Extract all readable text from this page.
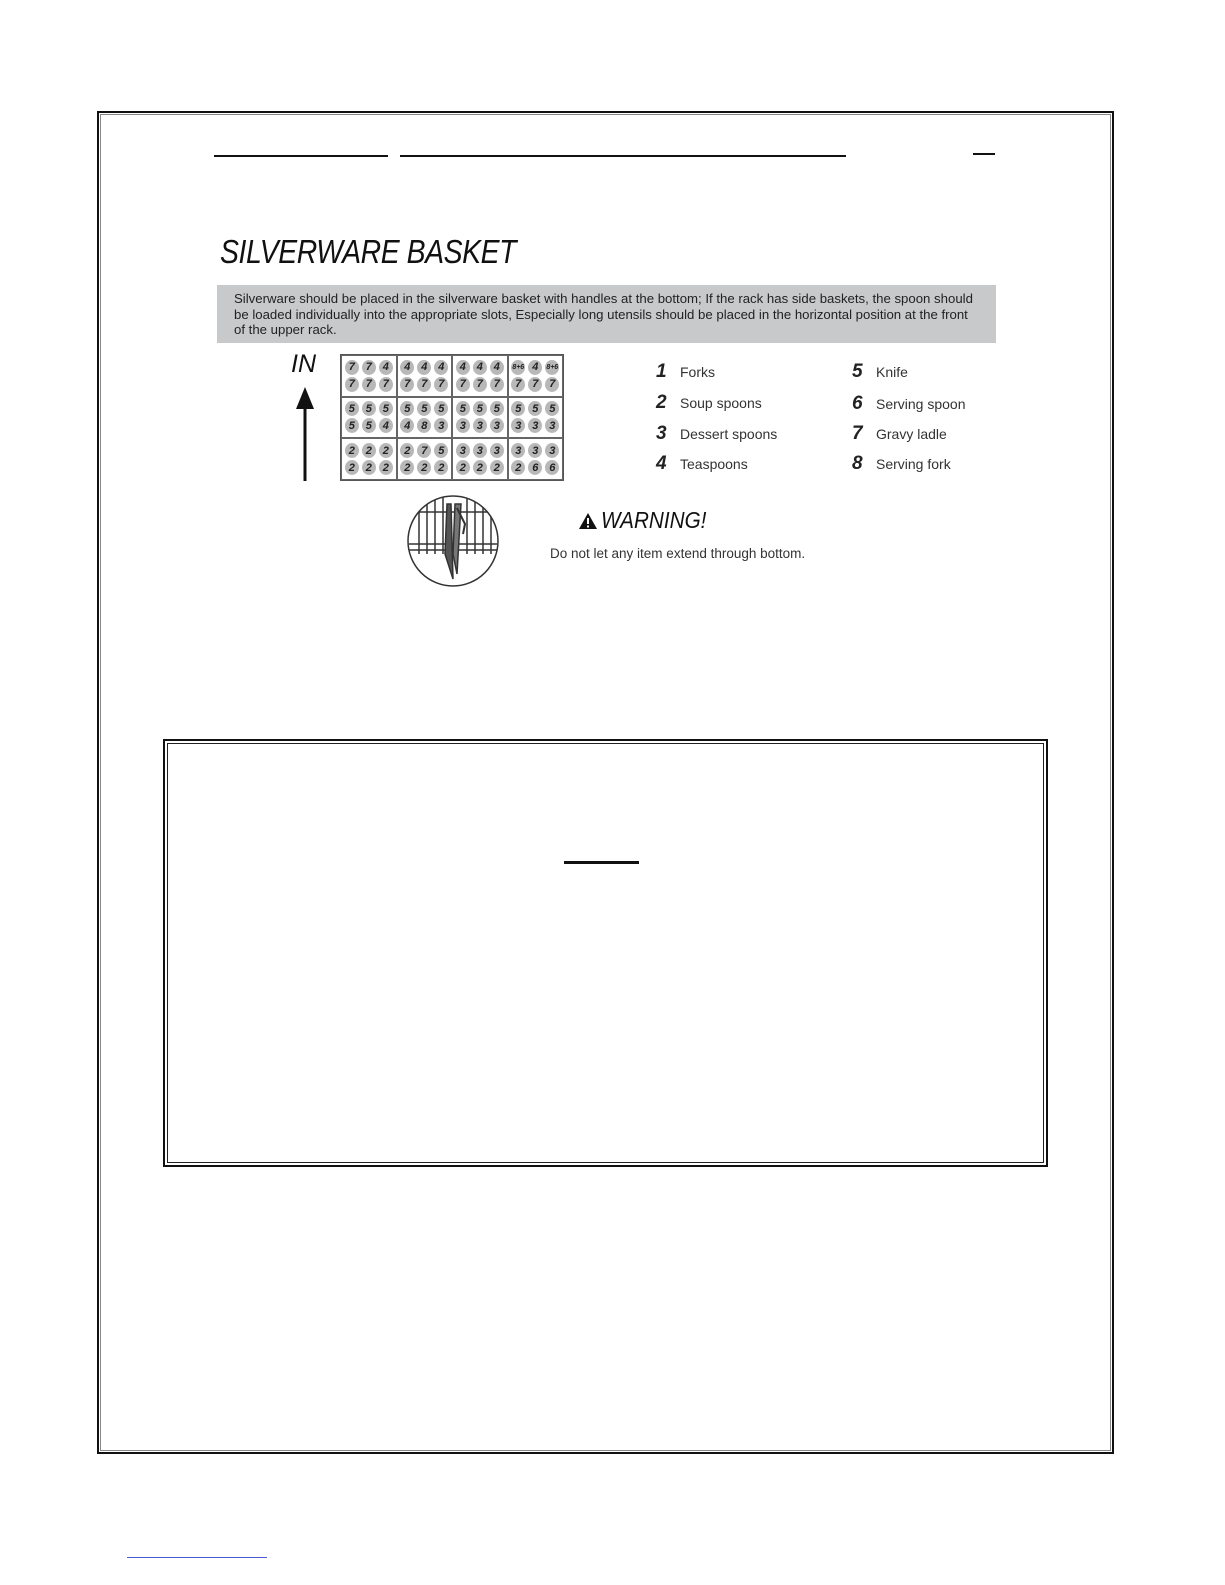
SILVERWARE BASKET
Silverware should be placed in the silverware basket with handles at the bottom; If the rack has side baskets, the spoon should be loaded individually into the appropriate slots, Especially long utensils should be placed in the horizontal position at the front of the upper rack.
IN	7 7 4
7 7 7
4 4 4
7 7 7
4 4 4
7 7 7
8+6 4	8+6
7 7 7
5 5 5
5 5 4
5 5 5
4 8 3
5 5 5
3 3 3
5 5 5
3 3 3
2 2 2
2 2 2
2 7 5
2 2 2
3 3 3
2 2 2
3 3 3
2 6 6
1 Forks
2 Soup spoons
3 Dessert spoons
4 Teaspoons
5 Knife
6 Serving spoon
7 Gravy ladle
8 Serving fork
WARNING!
Do not let any item extend through bottom.
